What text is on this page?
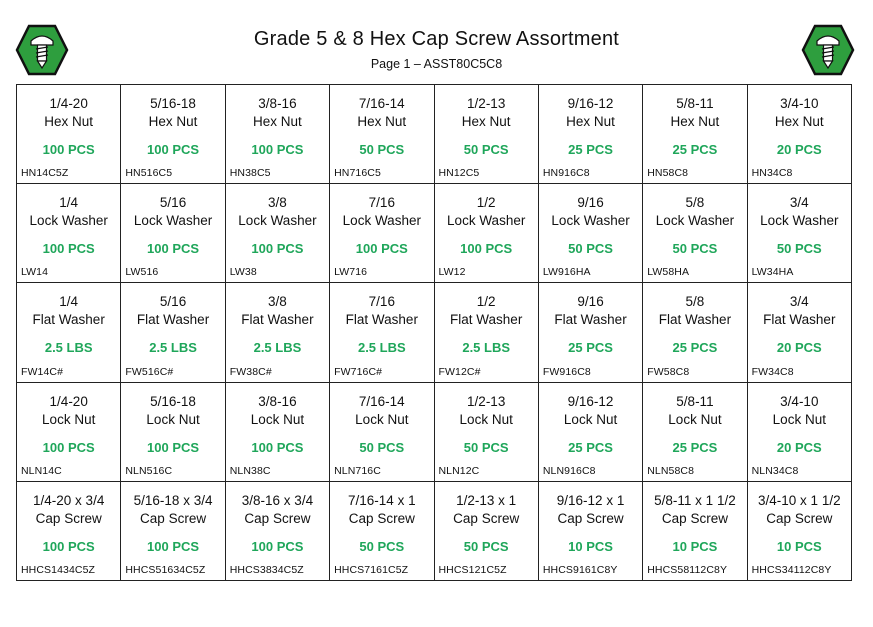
Grade 5 & 8 Hex Cap Screw Assortment
Page 1 – ASST80C5C8
1/4-20
Hex Nut
100 PCS
HN14C5Z
5/16-18
Hex Nut
100 PCS
HN516C5
3/8-16
Hex Nut
100 PCS
HN38C5
7/16-14
Hex Nut
50 PCS
HN716C5
1/2-13
Hex Nut
50 PCS
HN12C5
9/16-12
Hex Nut
25 PCS
HN916C8
5/8-11
Hex Nut
25 PCS
HN58C8
3/4-10
Hex Nut
20 PCS
HN34C8
1/4
Lock Washer
100 PCS
LW14
5/16
Lock Washer
100 PCS
LW516
3/8
Lock Washer
100 PCS
LW38
7/16
Lock Washer
100 PCS
LW716
1/2
Lock Washer
100 PCS
LW12
9/16
Lock Washer
50 PCS
LW916HA
5/8
Lock Washer
50 PCS
LW58HA
3/4
Lock Washer
50 PCS
LW34HA
1/4
Flat Washer
2.5 LBS
FW14C#
5/16
Flat Washer
2.5 LBS
FW516C#
3/8
Flat Washer
2.5 LBS
FW38C#
7/16
Flat Washer
2.5 LBS
FW716C#
1/2
Flat Washer
2.5 LBS
FW12C#
9/16
Flat Washer
25 PCS
FW916C8
5/8
Flat Washer
25 PCS
FW58C8
3/4
Flat Washer
20 PCS
FW34C8
1/4-20
Lock Nut
100 PCS
NLN14C
5/16-18
Lock Nut
100 PCS
NLN516C
3/8-16
Lock Nut
100 PCS
NLN38C
7/16-14
Lock Nut
50 PCS
NLN716C
1/2-13
Lock Nut
50 PCS
NLN12C
9/16-12
Lock Nut
25 PCS
NLN916C8
5/8-11
Lock Nut
25 PCS
NLN58C8
3/4-10
Lock Nut
20 PCS
NLN34C8
1/4-20 x 3/4
Cap Screw
100 PCS
HHCS1434C5Z
5/16-18 x 3/4
Cap Screw
100 PCS
HHCS51634C5Z
3/8-16 x 3/4
Cap Screw
100 PCS
HHCS3834C5Z
7/16-14 x 1
Cap Screw
50 PCS
HHCS7161C5Z
1/2-13 x 1
Cap Screw
50 PCS
HHCS121C5Z
9/16-12 x 1
Cap Screw
10 PCS
HHCS9161C8Y
5/8-11 x 1 1/2
Cap Screw
10 PCS
HHCS58112C8Y
3/4-10 x 1 1/2
Cap Screw
10 PCS
HHCS34112C8Y
